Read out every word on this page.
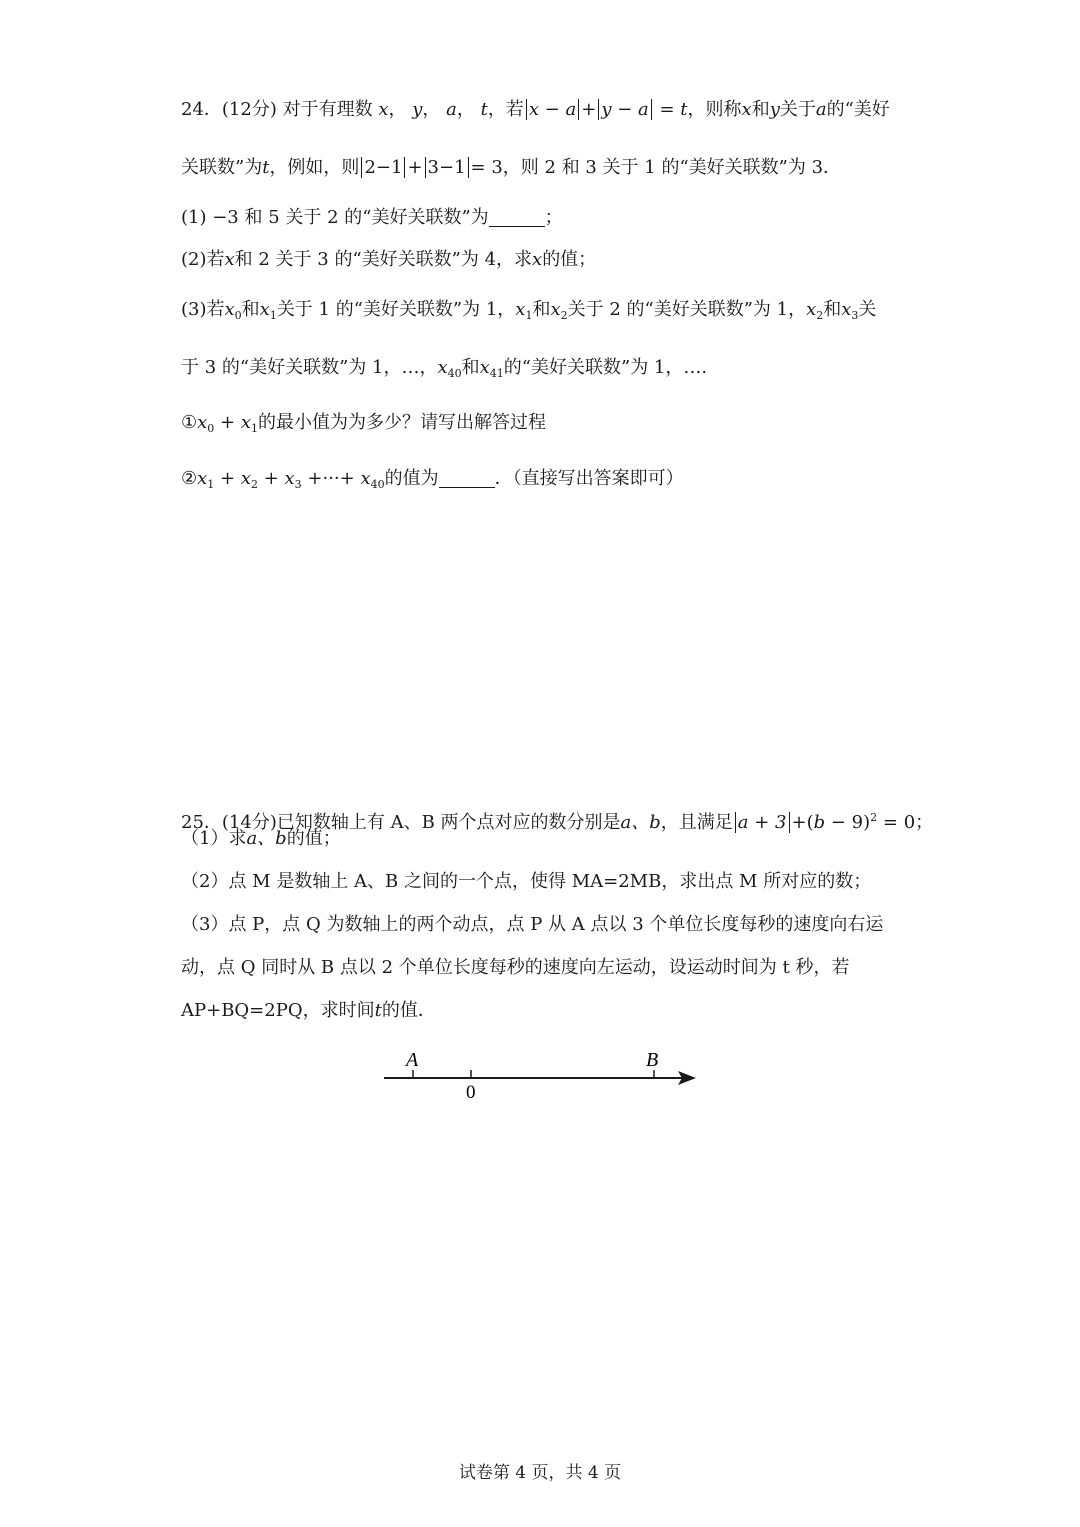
24．(12分) 对于有理数 x， y， a， t，若 x − a + y − a = t，则称x和y关于a的“美好
关联数”为t，例如，则 2−1 + 3−1 = 3，则 2 和 3 关于 1 的“美好关联数”为 3．
(1) −3 和 5 关于 2 的“美好关联数”为	；
(2)若x和 2 关于 3 的“美好关联数”为 4，求x的值；
(3)若$x_0$和$x_1$关于 1 的“美好关联数”为 1，$x_1$和$x_2$关于 2 的“美好关联数”为 1，$x_2$和$x_3$关
于 3 的“美好关联数”为 1，…，$x_{40}$和$x_{41}$的“美好关联数”为 1，….
$①x_0 + x_1$的最小值为为多少？请写出解答过程
$②x_1 + x_2 + x_3$ +···+ $x_{40}$的值为	．（直接写出答案即可）
25．(14分)已知数轴上有 A、B 两个点对应的数分别是a、b，且满足 $a + 3 +(b - 9)^2 = 0$；
（1）求a、b的值；
（2）点 M 是数轴上 A、B 之间的一个点，使得 MA=2MB，求出点 M 所对应的数；
（3）点 P，点 Q 为数轴上的两个动点，点 P 从 A 点以 3 个单位长度每秒的速度向右运
动，点 Q 同时从 B 点以 2 个单位长度每秒的速度向左运动，设运动时间为 t 秒，若
AP+BQ=2PQ，求时间t的值．
A	B
0
试卷第 4 页，共 4 页
